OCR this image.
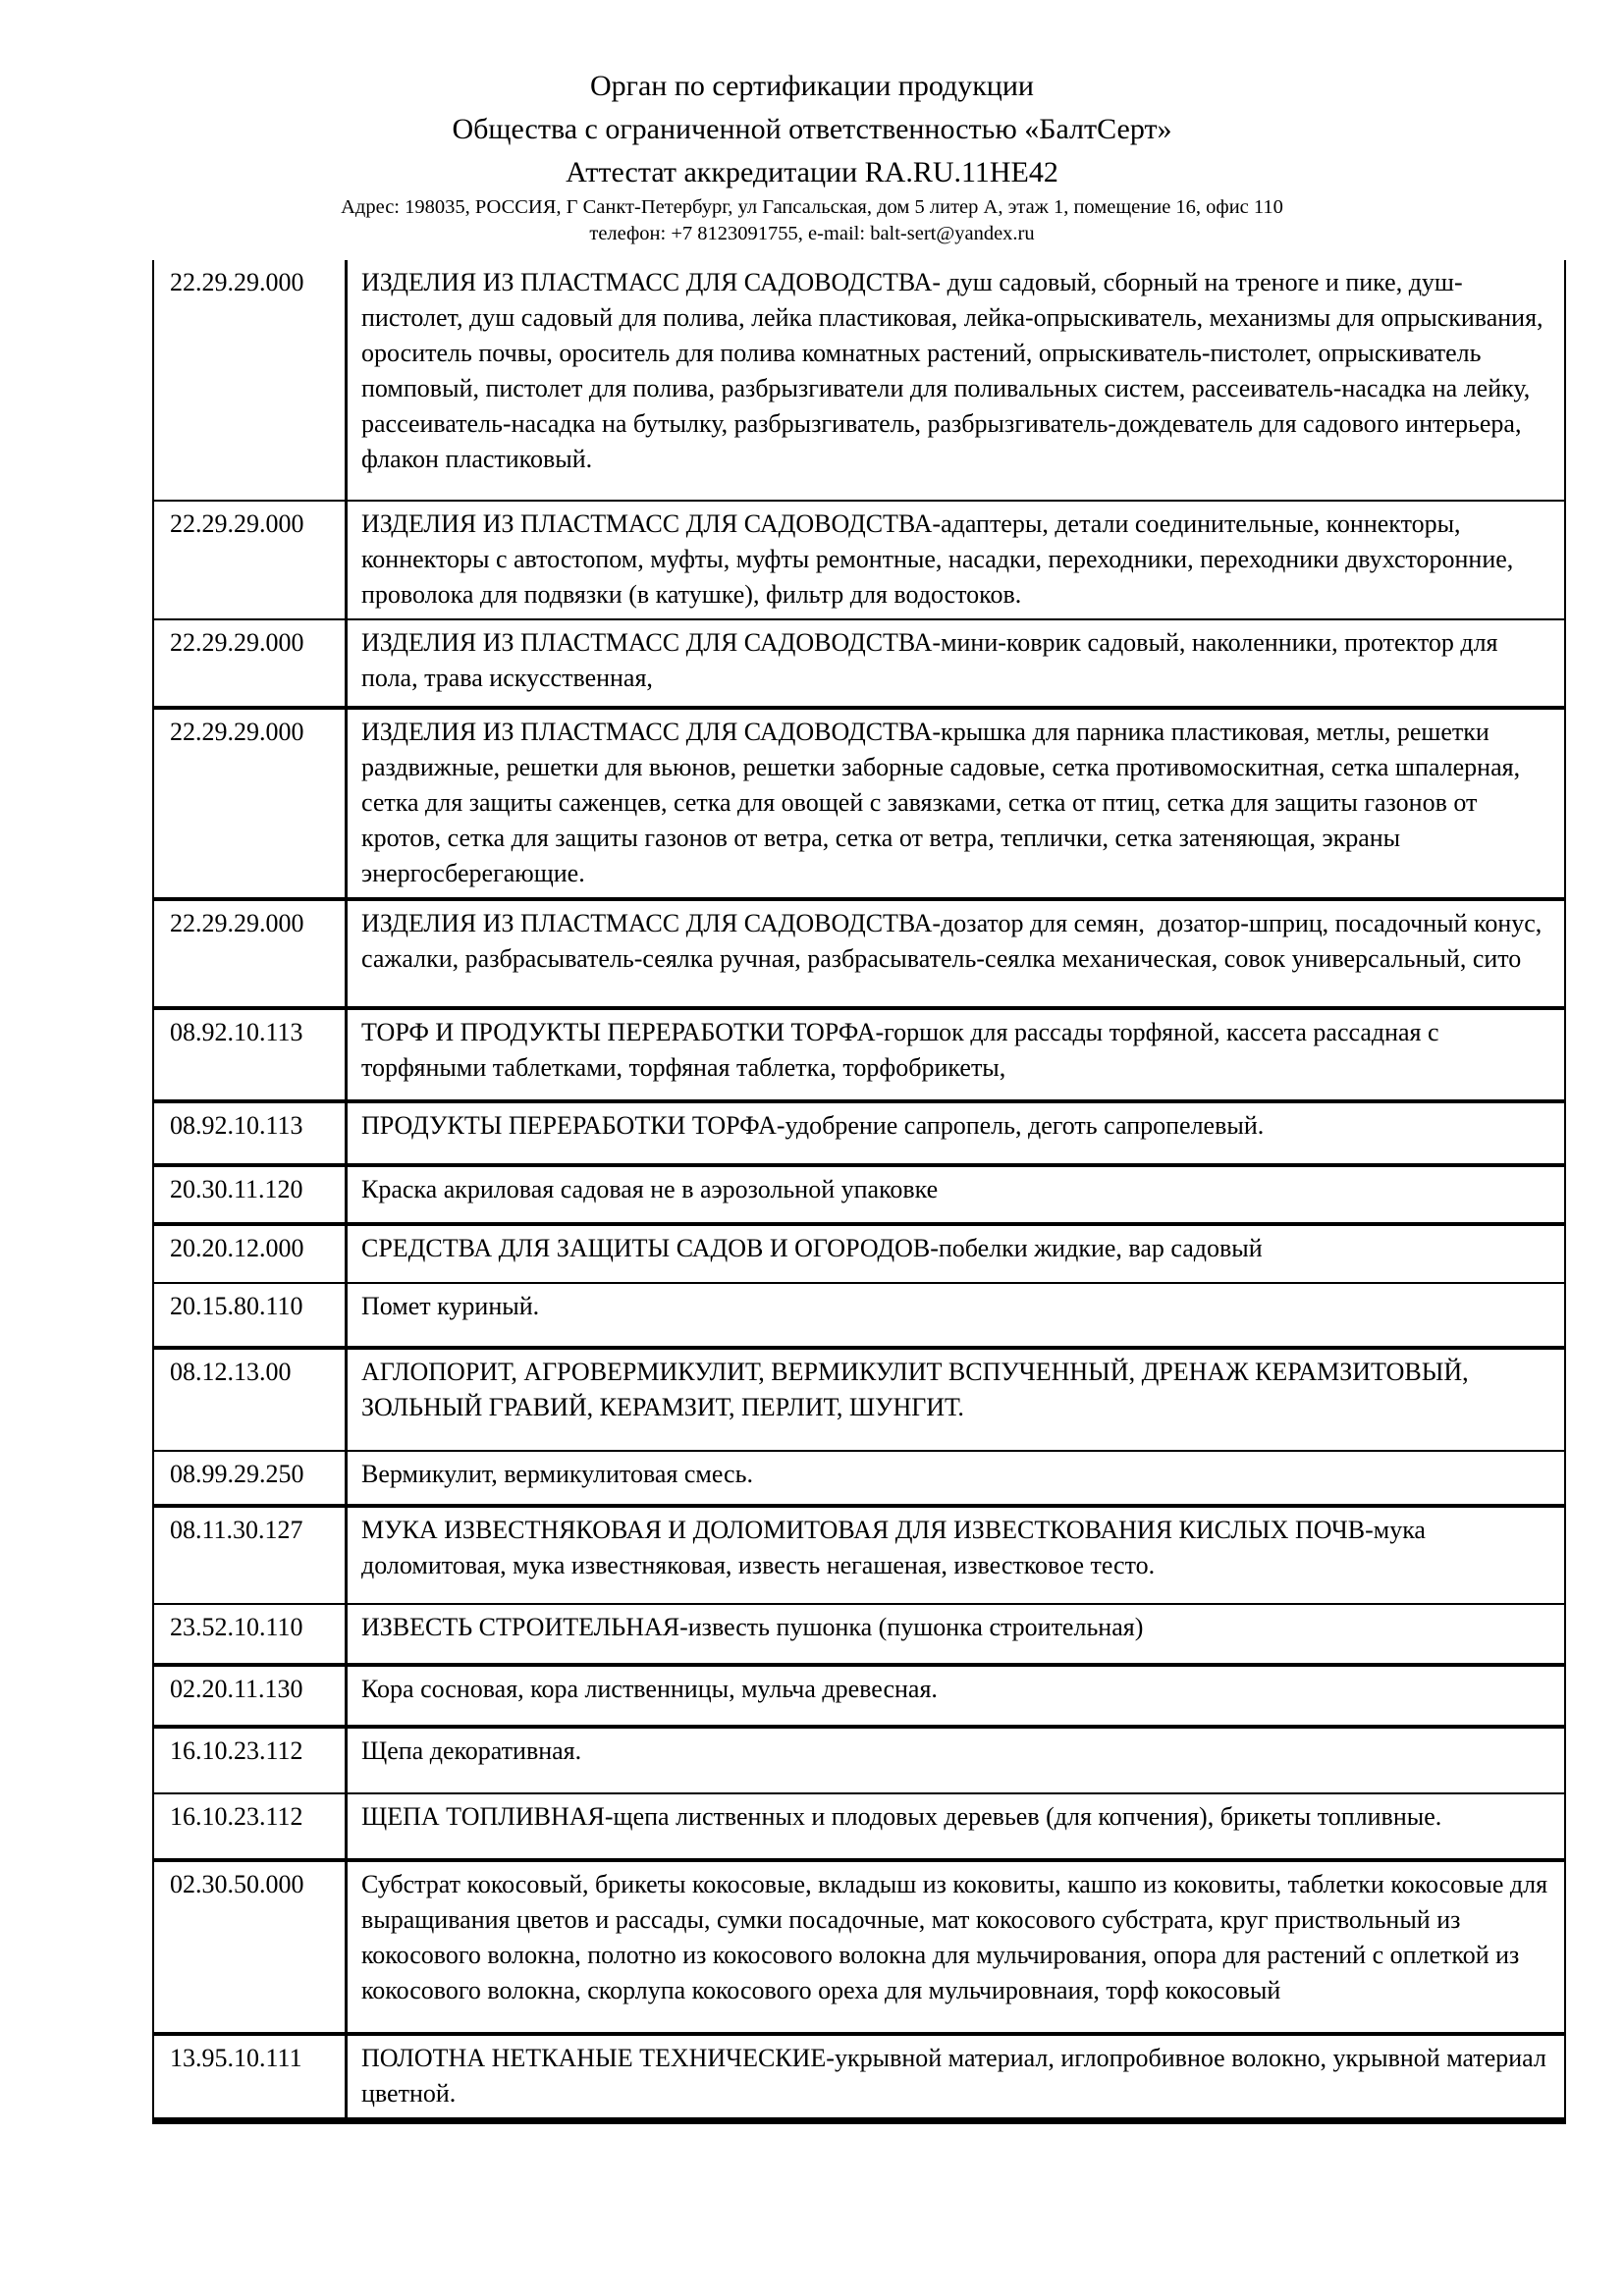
Орган по сертификации продукции
Общества с ограниченной ответственностью «БалтСерт»
Аттестат аккредитации RA.RU.11HE42
Адрес: 198035, РОССИЯ, Г Санкт-Петербург, ул Гапсальская, дом 5 литер А, этаж 1, помещение 16, офис 110
телефон: +7 8123091755, e-mail: balt-sert@yandex.ru
22.29.29.000	ИЗДЕЛИЯ ИЗ ПЛАСТМАСС ДЛЯ САДОВОДСТВА- душ садовый, сборный на треноге и пике, душ-пистолет, душ садовый для полива, лейка пластиковая, лейка-опрыскиватель, механизмы для опрыскивания, ороситель почвы, ороситель для полива комнатных растений, опрыскиватель-пистолет, опрыскиватель помповый, пистолет для полива, разбрызгиватели для поливальных систем, рассеиватель-насадка на лейку, рассеиватель-насадка на бутылку, разбрызгиватель, разбрызгиватель-дождеватель для садового интерьера, флакон пластиковый.
22.29.29.000	ИЗДЕЛИЯ ИЗ ПЛАСТМАСС ДЛЯ САДОВОДСТВА-адаптеры, детали соединительные, коннекторы, коннекторы с автостопом, муфты, муфты ремонтные, насадки, переходники, переходники двухсторонние, проволока для подвязки (в катушке), фильтр для водостоков.
22.29.29.000	ИЗДЕЛИЯ ИЗ ПЛАСТМАСС ДЛЯ САДОВОДСТВА-мини-коврик садовый, наколенники, протектор для пола, трава искусственная,
22.29.29.000	ИЗДЕЛИЯ ИЗ ПЛАСТМАСС ДЛЯ САДОВОДСТВА-крышка для парника пластиковая, метлы, решетки раздвижные, решетки для вьюнов, решетки заборные садовые, сетка противомоскитная, сетка шпалерная, сетка для защиты саженцев, сетка для овощей с завязками, сетка от птиц, сетка для защиты газонов от кротов, сетка для защиты газонов от ветра, сетка от ветра, теплички, сетка затеняющая, экраны энергосберегающие.
22.29.29.000	ИЗДЕЛИЯ ИЗ ПЛАСТМАСС ДЛЯ САДОВОДСТВА-дозатор для семян,  дозатор-шприц, посадочный конус, сажалки, разбрасыватель-сеялка ручная, разбрасыватель-сеялка механическая, совок универсальный, сито
08.92.10.113	ТОРФ И ПРОДУКТЫ ПЕРЕРАБОТКИ ТОРФА-горшок для рассады торфяной, кассета рассадная с торфяными таблетками, торфяная таблетка, торфобрикеты,
08.92.10.113	ПРОДУКТЫ ПЕРЕРАБОТКИ ТОРФА-удобрение сапропель, деготь сапропелевый.
20.30.11.120	Краска акриловая садовая не в аэрозольной упаковке
20.20.12.000	СРЕДСТВА ДЛЯ ЗАЩИТЫ САДОВ И ОГОРОДОВ-побелки жидкие, вар садовый
20.15.80.110	Помет куриный.
08.12.13.00	АГЛОПОРИТ, АГРОВЕРМИКУЛИТ, ВЕРМИКУЛИТ ВСПУЧЕННЫЙ, ДРЕНАЖ КЕРАМЗИТОВЫЙ, ЗОЛЬНЫЙ ГРАВИЙ, КЕРАМЗИТ, ПЕРЛИТ, ШУНГИТ.
08.99.29.250	Вермикулит, вермикулитовая смесь.
08.11.30.127	МУКА ИЗВЕСТНЯКОВАЯ И ДОЛОМИТОВАЯ ДЛЯ ИЗВЕСТКОВАНИЯ КИСЛЫХ ПОЧВ-мука доломитовая, мука известняковая, известь негашеная, известковое тесто.
23.52.10.110	ИЗВЕСТЬ СТРОИТЕЛЬНАЯ-известь пушонка (пушонка строительная)
02.20.11.130	Кора сосновая, кора лиственницы, мульча древесная.
16.10.23.112	Щепа декоративная.
16.10.23.112	ЩЕПА ТОПЛИВНАЯ-щепа лиственных и плодовых деревьев (для копчения), брикеты топливные.
02.30.50.000	Субстрат кокосовый, брикеты кокосовые, вкладыш из коковиты, кашпо из коковиты, таблетки кокосовые для выращивания цветов и рассады, сумки посадочные, мат кокосового субстрата, круг приствольный из кокосового волокна, полотно из кокосового волокна для мульчирования, опора для растений с оплеткой из кокосового волокна, скорлупа кокосового ореха для мульчировнаия, торф кокосовый
13.95.10.111	ПОЛОТНА НЕТКАНЫЕ ТЕХНИЧЕСКИЕ-укрывной материал, иглопробивное волокно, укрывной материал цветной.
